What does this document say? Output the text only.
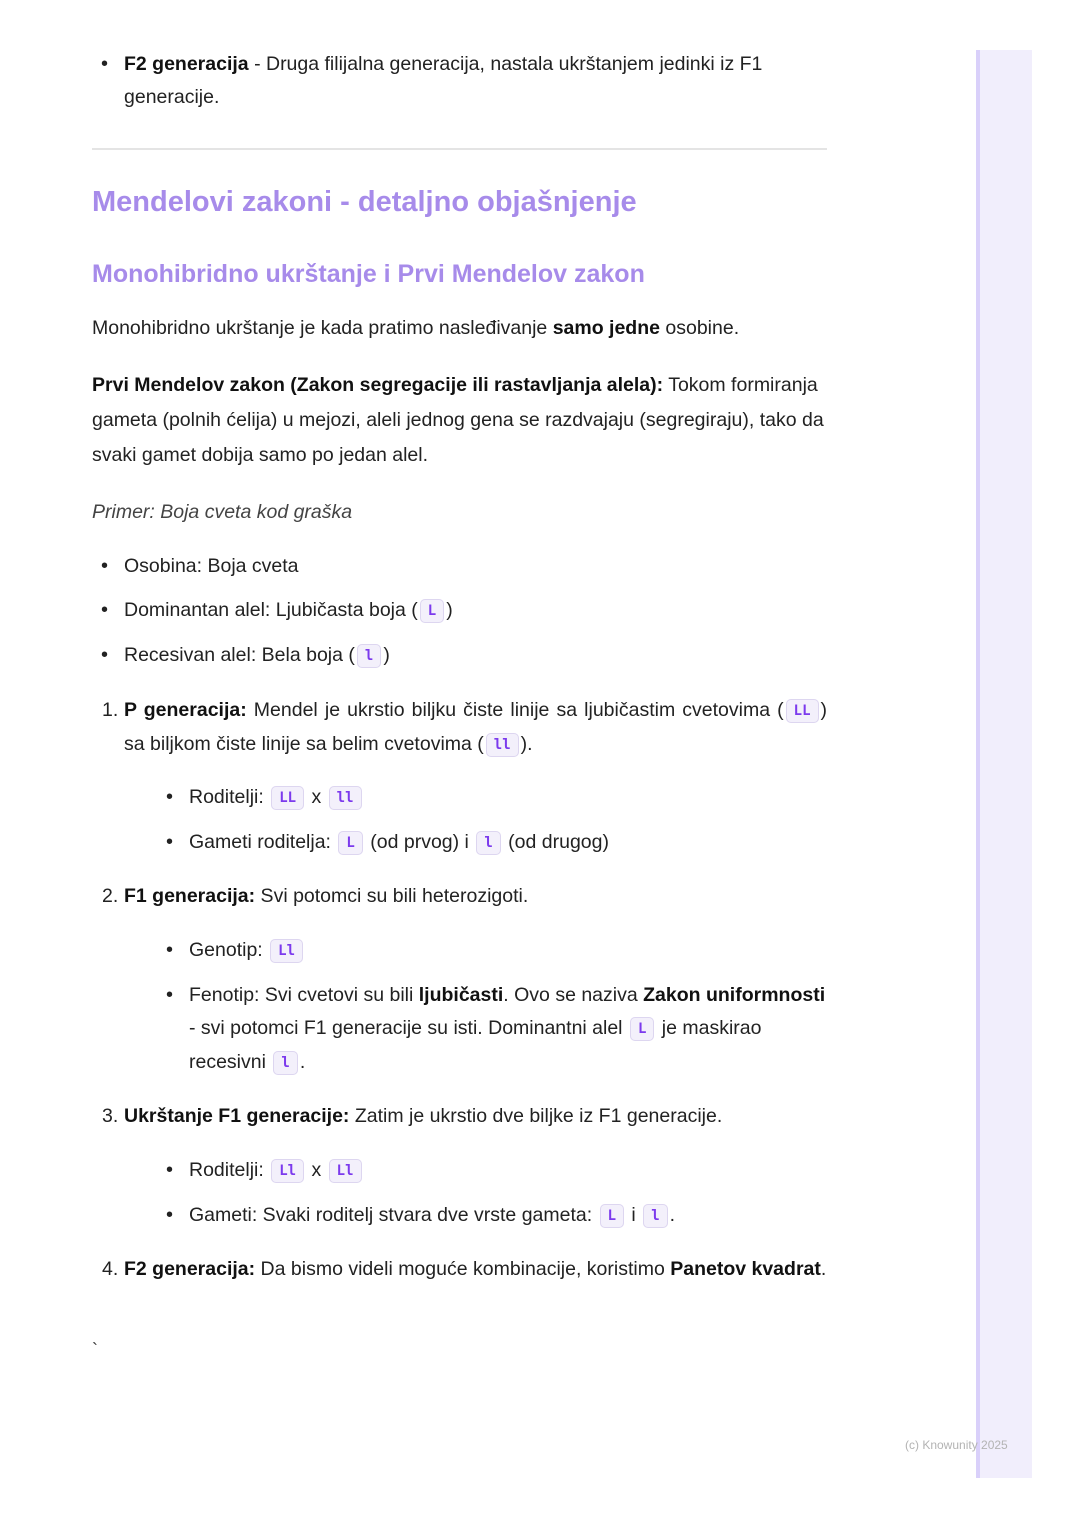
• F2 generacija - Druga filijalna generacija, nastala ukrštanjem jedinki iz F1 generacije.
Mendelovi zakoni - detaljno objašnjenje
Monohibridno ukrštanje i Prvi Mendelov zakon

Monohibridno ukrštanje je kada pratimo nasleđivanje samo jedne osobine.

Prvi Mendelov zakon (Zakon segregacije ili rastavljanja alela): Tokom formiranja gameta (polnih ćelija) u mejozi, aleli jednog gena se razdvajaju (segregiraju), tako da svaki gamet dobija samo po jedan alel.

Primer: Boja cveta kod graška

• Osobina: Boja cveta
• Dominantan alel: Ljubičasta boja ( L )
• Recesivan alel: Bela boja ( l )
1. P generacija: Mendel je ukrstio biljku čiste linije sa ljubičastim cvetovima ( LL ) sa biljkom čiste linije sa belim cvetovima ( ll ).
• Roditelji: LL x ll
• Gameti roditelja: L (od prvog) i l (od drugog)
2. F1 generacija: Svi potomci su bili heterozigoti.
• Genotip: Ll
• Fenotip: Svi cvetovi su bili ljubičasti. Ovo se naziva Zakon uniformnosti - svi potomci F1 generacije su isti. Dominantni alel L je maskirao recesivni l .
3. Ukrštanje F1 generacije: Zatim je ukrstio dve biljke iz F1 generacije.
• Roditelji: Ll x Ll
• Gameti: Svaki roditelj stvara dve vrste gameta: L i l .
4. F2 generacija: Da bismo videli moguće kombinacije, koristimo Panetov kvadrat.
`
(c) Knowunity 2025
